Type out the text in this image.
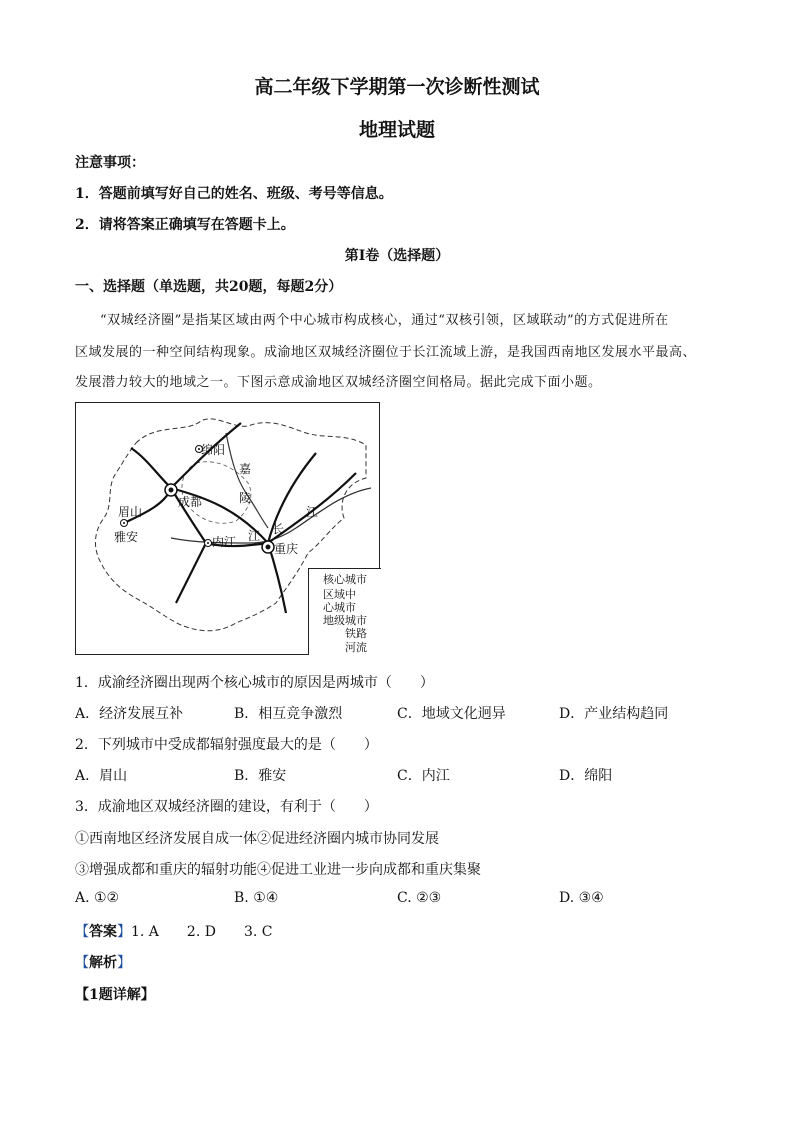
高二年级下学期第一次诊断性测试
地理试题
注意事项：
1．答题前填写好自己的姓名、班级、考号等信息。
2．请将答案正确填写在答题卡上。
第Ⅰ卷（选择题）
一、选择题（单选题，共20题，每题2分）
“双城经济圈”是指某区域由两个中心城市构成核心，通过“双核引领，区域联动”的方式促进所在
区域发展的一种空间结构现象。成渝地区双城经济圈位于长江流域上游，是我国西南地区发展水平最高、
发展潜力较大的地域之一。下图示意成渝地区双城经济圈空间格局。据此完成下面小题。
绵阳
成都
眉山
雅安	内江	重庆
嘉
陵
江
长
江
核心城市
区域中
心城市
地级城市
铁路
河流
1．成渝经济圈出现两个核心城市的原因是两城市（　　）
A．经济发展互补	B．相互竞争激烈	C．地域文化迥异	D．产业结构趋同
2．下列城市中受成都辐射强度最大的是（　　）
A．眉山	B．雅安	C．内江	D．绵阳
3．成渝地区双城经济圈的建设，有利于（　　）
①西南地区经济发展自成一体②促进经济圈内城市协同发展
③增强成都和重庆的辐射功能④促进工业进一步向成都和重庆集聚
A. ①②	B. ①④	C. ②③	D. ③④
【答案】1. A　　2. D　　3. C
【解析】
【1题详解】
